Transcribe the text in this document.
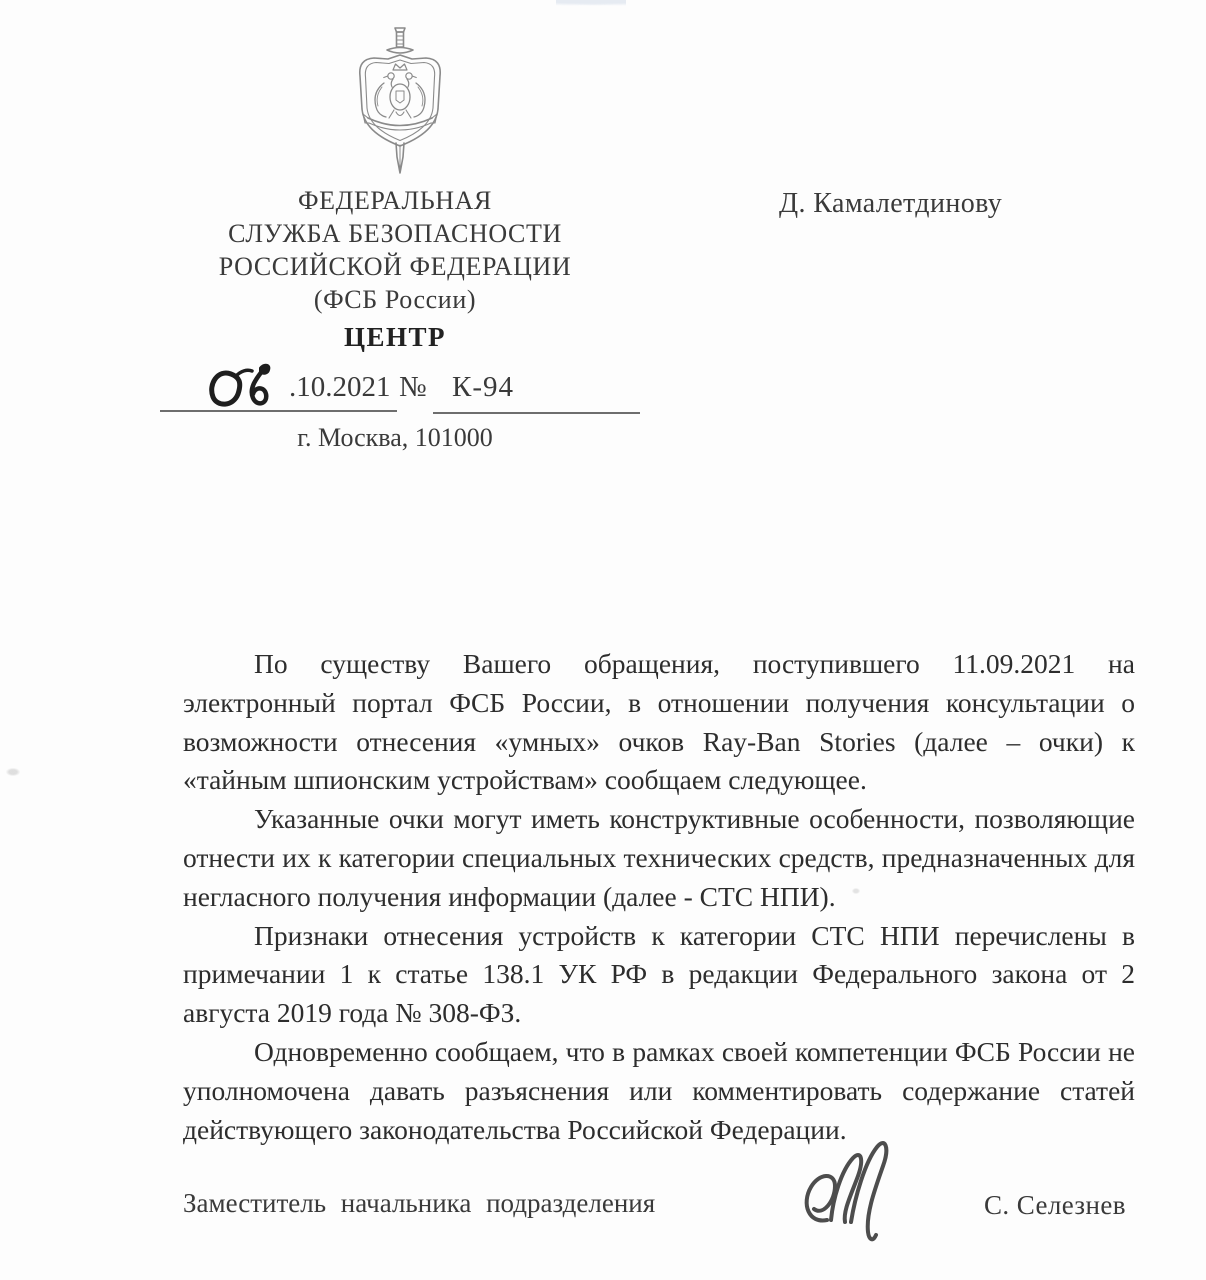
ФЕДЕРАЛЬНАЯ
СЛУЖБА БЕЗОПАСНОСТИ
РОССИЙСКОЙ ФЕДЕРАЦИИ
(ФСБ России)
ЦЕНТР
Д. Камалетдинову
.10.2021 № К-94
г. Москва, 101000

По существу Вашего обращения, поступившего 11.09.2021 на электронный портал ФСБ России, в отношении получения консультации о возможности отнесения «умных» очков Ray-Ban Stories (далее – очки) к «тайным шпионским устройствам» сообщаем следующее.

Указанные очки могут иметь конструктивные особенности, позволяющие отнести их к категории специальных технических средств, предназначенных для негласного получения информации (далее - СТС НПИ).

Признаки отнесения устройств к категории СТС НПИ перечислены в примечании 1 к статье 138.1 УК РФ в редакции Федерального закона от 2 августа 2019 года № 308-ФЗ.

Одновременно сообщаем, что в рамках своей компетенции ФСБ России не уполномочена давать разъяснения или комментировать содержание статей действующего законодательства Российской Федерации.

Заместитель начальника подразделения	С. Селезнев
